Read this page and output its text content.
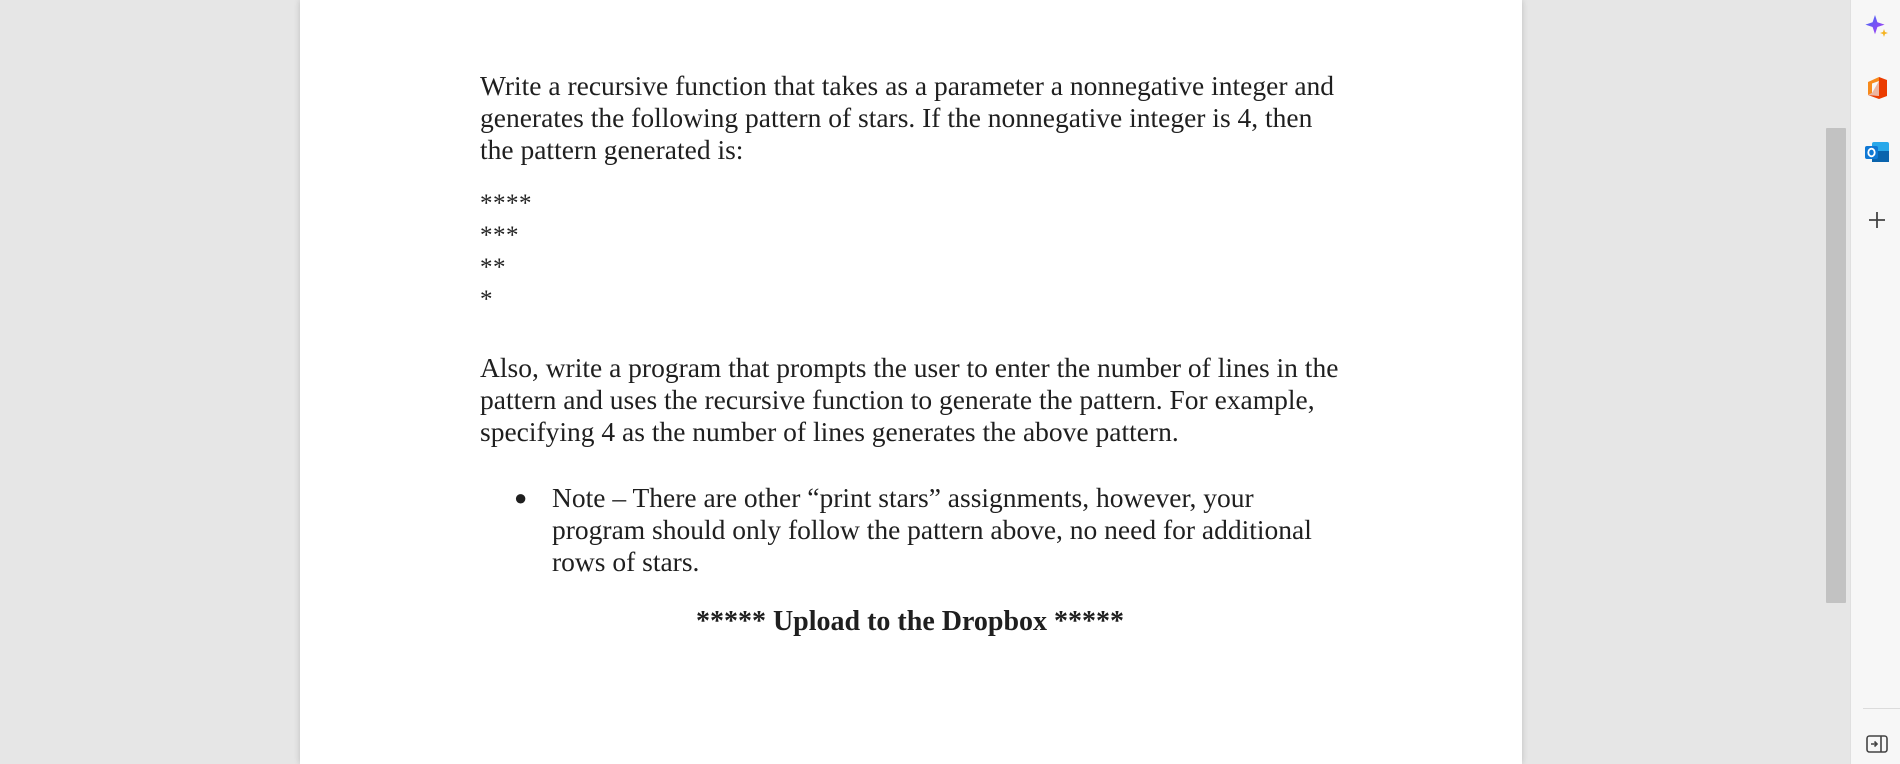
Write a recursive function that takes as a parameter a nonnegative integer and generates the following pattern of stars. If the nonnegative integer is 4, then the pattern generated is:

****
***
**
*

Also, write a program that prompts the user to enter the number of lines in the pattern and uses the recursive function to generate the pattern. For example, specifying 4 as the number of lines generates the above pattern.

● Note – There are other “print stars” assignments, however, your program should only follow the pattern above, no need for additional rows of stars.

***** Upload to the Dropbox *****
